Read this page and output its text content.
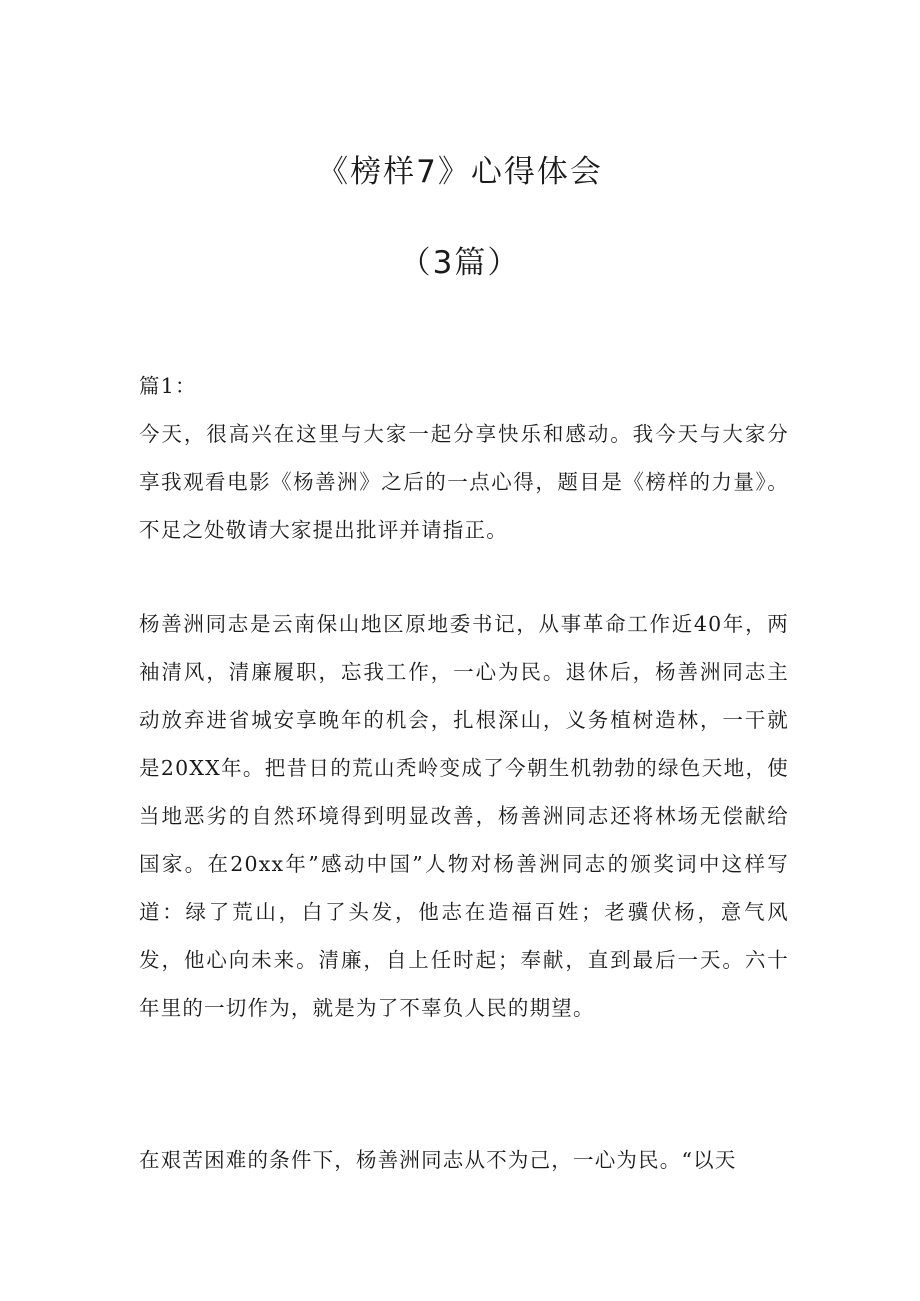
《榜样7》心得体会
（3篇）

篇1：

今天，很高兴在这里与大家一起分享快乐和感动。我今天与大家分享我观看电影《杨善洲》之后的一点心得，题目是《榜样的力量》。不足之处敬请大家提出批评并请指正。

杨善洲同志是云南保山地区原地委书记，从事革命工作近40年，两袖清风，清廉履职，忘我工作，一心为民。退休后，杨善洲同志主动放弃进省城安享晚年的机会，扎根深山，义务植树造林，一干就是20XX年。把昔日的荒山秃岭变成了今朝生机勃勃的绿色天地，使当地恶劣的自然环境得到明显改善，杨善洲同志还将林场无偿献给国家。在20xx年”感动中国”人物对杨善洲同志的颁奖词中这样写道：绿了荒山，白了头发，他志在造福百姓；老骥伏杨，意气风发，他心向未来。清廉，自上任时起；奉献，直到最后一天。六十年里的一切作为，就是为了不辜负人民的期望。

在艰苦困难的条件下，杨善洲同志从不为己，一心为民。“以天
